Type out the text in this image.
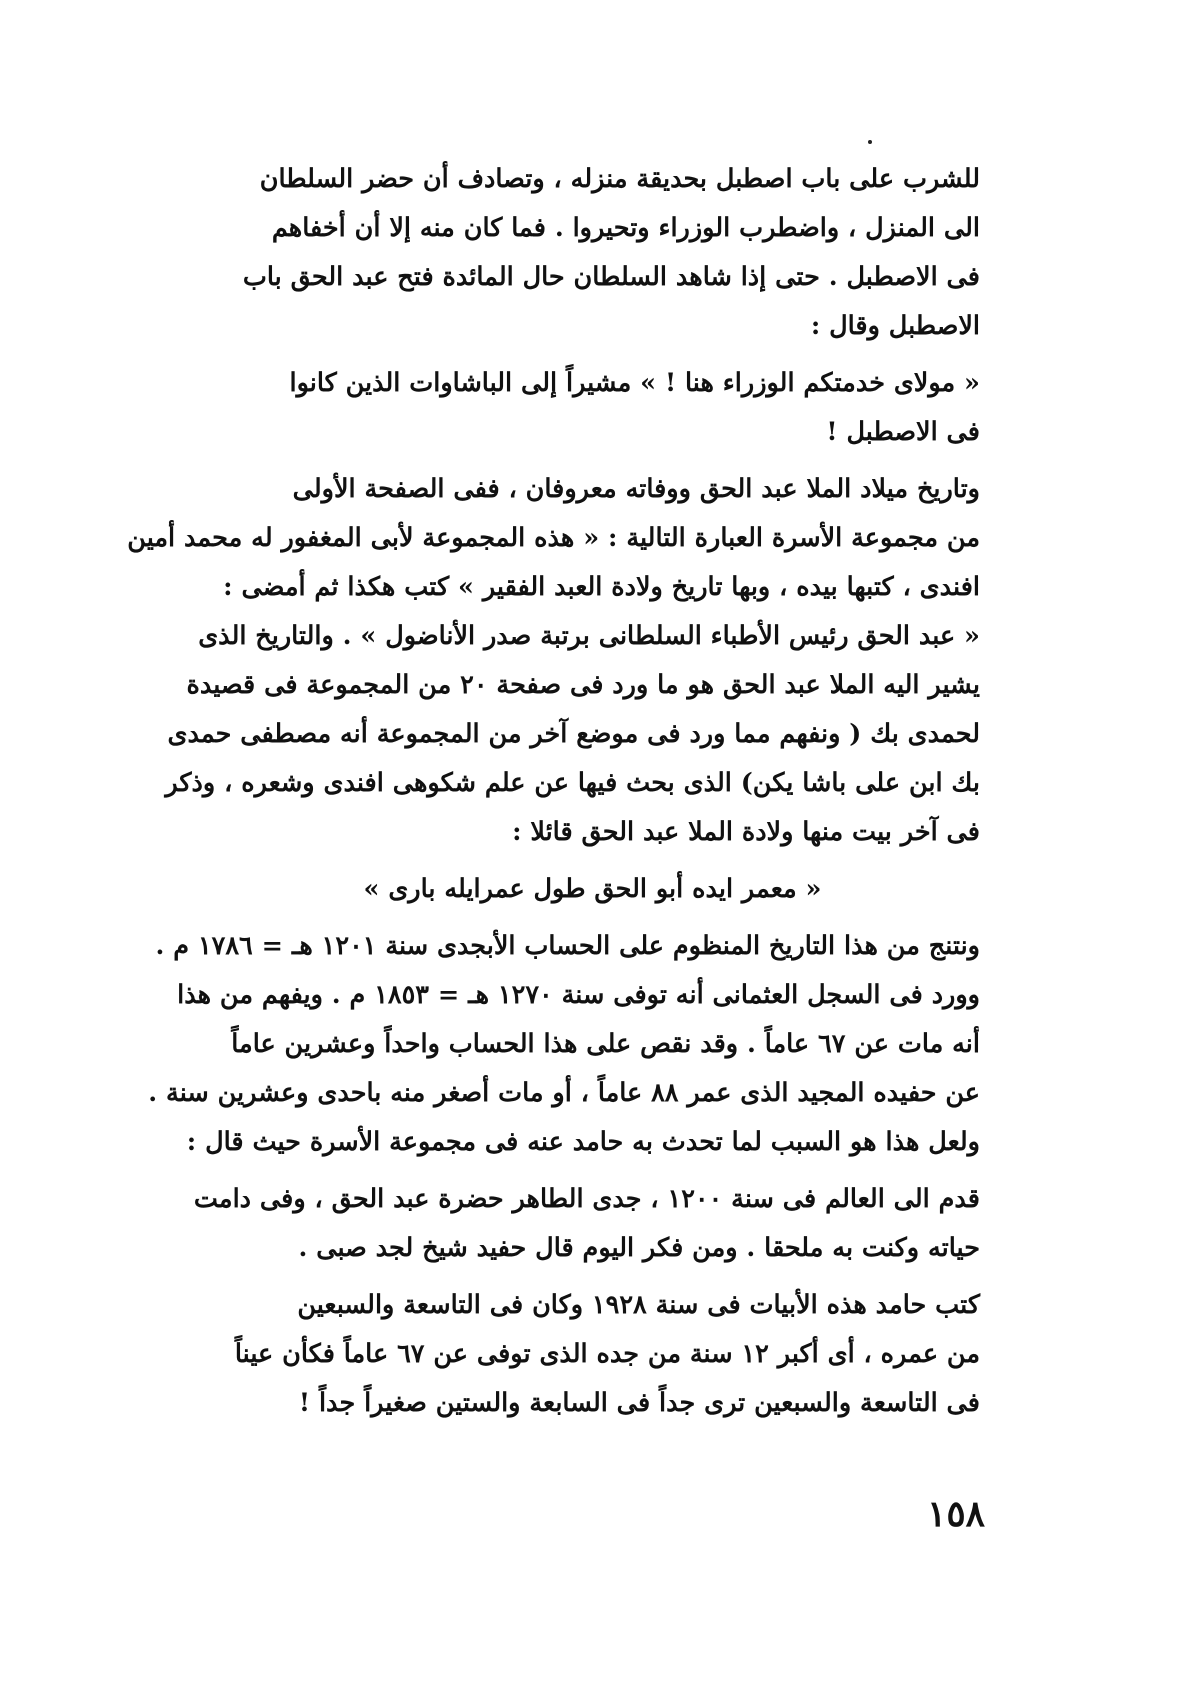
للشرب على باب اصطبل بحديقة منزله ، وتصادف أن حضر السلطان
الى المنزل ، واضطرب الوزراء وتحيروا . فما كان منه إلا أن أخفاهم
فى الاصطبل . حتى إذا شاهد السلطان حال المائدة فتح عبد الحق باب
الاصطبل وقال :

« مولاى خدمتكم الوزراء هنا ! » مشيراً إلى الباشاوات الذين كانوا
فى الاصطبل !

وتاريخ ميلاد الملا عبد الحق ووفاته معروفان ، ففى الصفحة الأولى
من مجموعة الأسرة العبارة التالية : « هذه المجموعة لأبى المغفور له محمد أمين
افندى ، كتبها بيده ، وبها تاريخ ولادة العبد الفقير » كتب هكذا ثم أمضى :
« عبد الحق رئيس الأطباء السلطانى برتبة صدر الأناضول » . والتاريخ الذى
يشير اليه الملا عبد الحق هو ما ورد فى صفحة ٢٠ من المجموعة فى قصيدة
لحمدى بك ( ونفهم مما ورد فى موضع آخر من المجموعة أنه مصطفى حمدى
بك ابن على باشا يكن) الذى بحث فيها عن علم شكوهى افندى وشعره ، وذكر
فى آخر بيت منها ولادة الملا عبد الحق قائلا :

« معمر ايده أبو الحق طول عمرايله بارى »

ونتنج من هذا التاريخ المنظوم على الحساب الأبجدى سنة ١٢٠١ هـ = ١٧٨٦ م .
وورد فى السجل العثمانى أنه توفى سنة ١٢٧٠ هـ = ١٨٥٣ م . ويفهم من هذا
أنه مات عن ٦٧ عاماً . وقد نقص على هذا الحساب واحداً وعشرين عاماً
عن حفيده المجيد الذى عمر ٨٨ عاماً ، أو مات أصغر منه باحدى وعشرين سنة .
ولعل هذا هو السبب لما تحدث به حامد عنه فى مجموعة الأسرة حيث قال :

قدم الى العالم فى سنة ١٢٠٠ ، جدى الطاهر حضرة عبد الحق ، وفى دامت
حياته وكنت به ملحقا . ومن فكر اليوم قال حفيد شيخ لجد صبى .

كتب حامد هذه الأبيات فى سنة ١٩٢٨ وكان فى التاسعة والسبعين
من عمره ، أى أكبر ١٢ سنة من جده الذى توفى عن ٦٧ عاماً فكأن عيناً
فى التاسعة والسبعين ترى جداً فى السابعة والستين صغيراً جداً !

١٥٨
